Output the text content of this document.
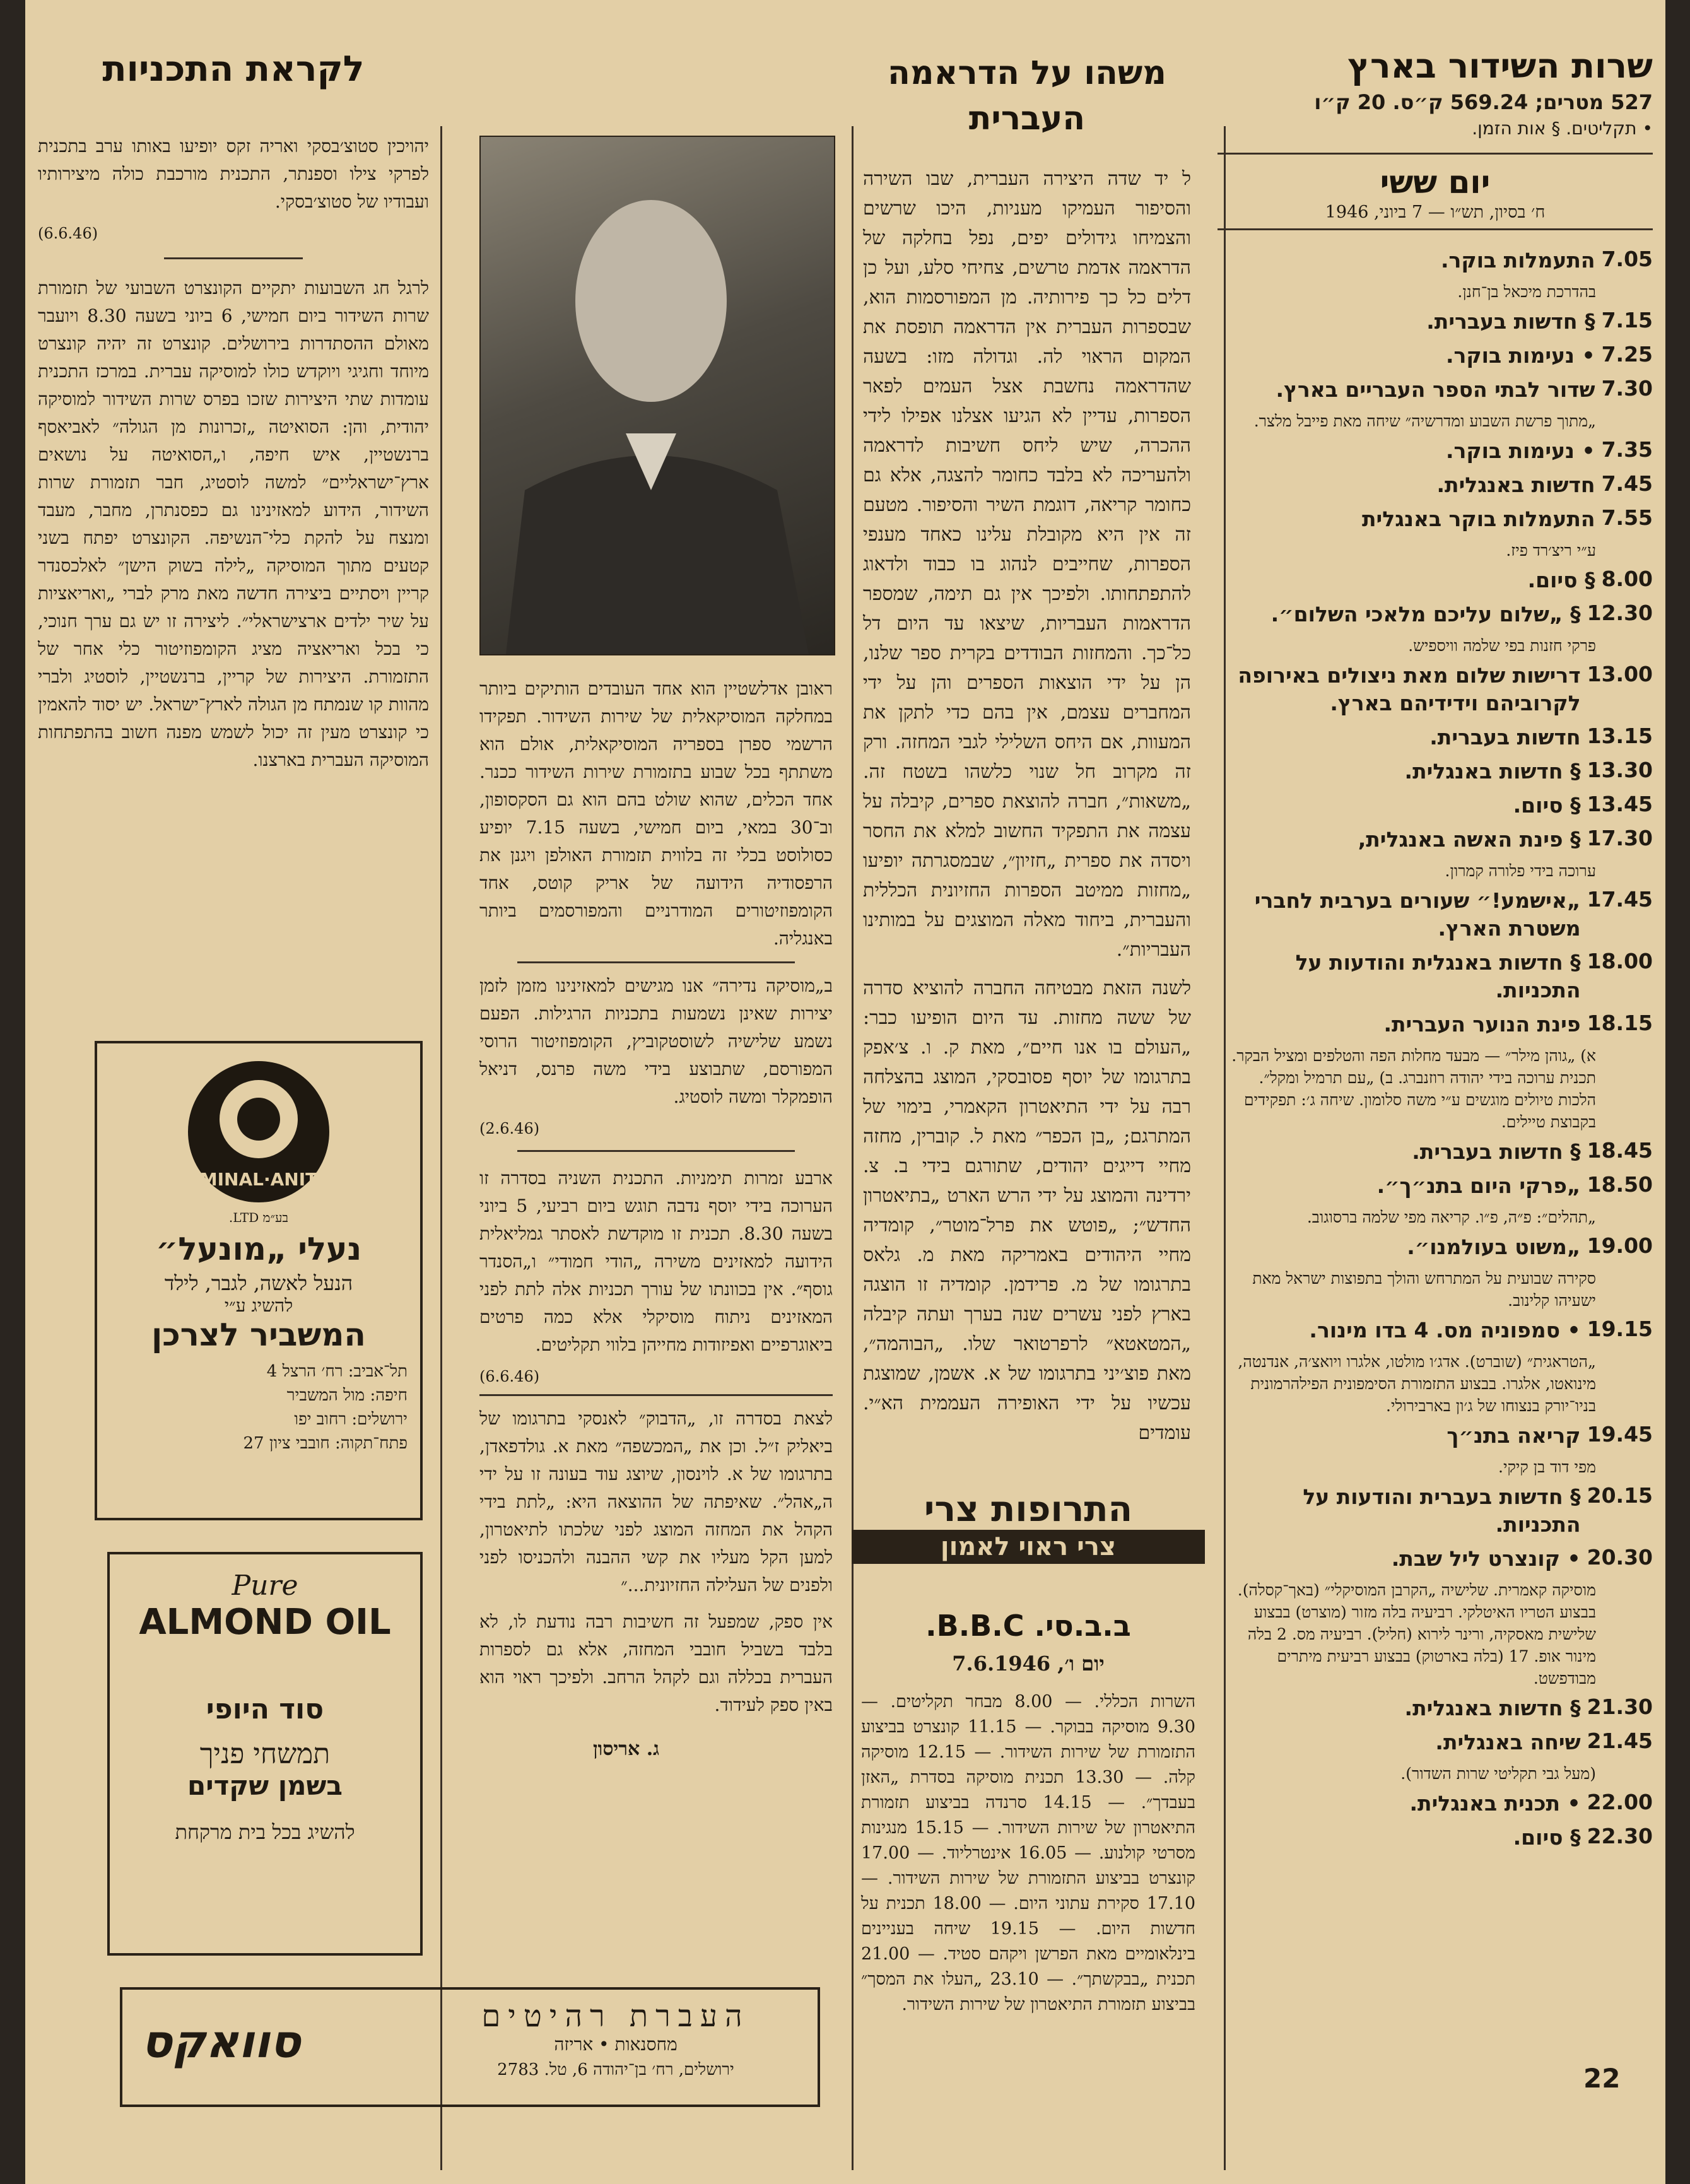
שרות השידור בארץ
527 מטרים; 569.24 ק״ס. 20 ק״ו
• תקליטים. § אות הזמן.
יום ששי
ח׳ בסיון, תש״ו — 7 ביוני, 1946
7.05
התעמלות בוקר.
בהדרכת מיכאל בן־חנן.
7.15
§ חדשות בעברית.
7.25
• נעימות בוקר.
7.30
שדור לבתי הספר העבריים בארץ.
„מתוך פרשת השבוע ומדרשיה״ שיחה מאת פייבל מלצר.
7.35
• נעימות בוקר.
7.45
חדשות באנגלית.
7.55
התעמלות בוקר באנגלית
ע״י ריצ׳רד פיז.
8.00
§ סיום.
12.30
§ „שלום עליכם מלאכי השלום״.
פרקי חזנות בפי שלמה וויספיש.
13.00
דרישות שלום מאת ניצולים באירופה לקרוביהם וידידיהם בארץ.
13.15
חדשות בעברית.
13.30
§ חדשות באנגלית.
13.45
§ סיום.
17.30
§ פינת האשה באנגלית,
ערוכה בידי פלורה קמרון.
17.45
„אישמע!״ שעורים בערבית לחברי משטרת הארץ.
18.00
§ חדשות באנגלית והודעות על התכניות.
18.15
פינת הנוער העברית.
א) „גוהן מילר״ — מבעד מחלות הפה והטלפים ומציל הבקר. תכנית ערוכה בידי יהודה רוזנברג. ב) „עם תרמיל ומקל״. הלכות טיולים מוגשים ע״י משה סלומון. שיחה ג׳: תפקידים בקבוצת טיילים.
18.45
§ חדשות בעברית.
18.50
„פרקי היום בתנ״ך״.
„תהלים״: פ״ה, פ״ו. קריאה מפי שלמה ברסוגוב.
19.00
„משוט בעולמנו״.
סקירה שבועית על המתרחש והולך בתפוצות ישראל מאת ישעיהו קלינוב.
19.15
• סמפוניה מס. 4 בדו מינור.
„הטראגית״ (שוברט). אדג׳ו מולטו, אלגרו ויואצ׳ה, אנדנטה, מינואטו, אלגרו. בבצוע התזמורת הסימפונית הפילהרמונית בניו־יורק בנצוחו של ג׳ון בארבירולי.
19.45
קריאה בתנ״ך
מפי דוד בן קיקי.
20.15
§ חדשות בעברית והודעות על התכניות.
20.30
• קונצרט ליל שבת.
מוסיקה קאמרית. שלישיה „הקרבן המוסיקלי״ (באך־קסלה). בבצוע הטריו האיטלקי. רביעיה בלה מזור (מוצרט) בבצוע שלישית מאסקיה, ורינר לירוא (חליל). רביעיה מס. 2 בלה מינור אופ. 17 (בלה בארטוק) בבצוע רביעית מיתרים מבודפשט.
21.30
§ חדשות באנגלית.
21.45
שיחה באנגלית.
(מעל גבי תקליטי שרות השדור).
22.00
• תכנית באנגלית.
22.30
§ סיום.
משהו על הדראמה
העברית

ל יד שדה היצירה העברית, שבו השירה והסיפור העמיקו מעניות, היכו שרשים והצמיחו גידולים יפים, נפל בחלקה של הדראמה אדמת טרשים, צחיחי סלע, ועל כן דלים כל כך פירותיה. מן המפורסמות הוא, שבספרות העברית אין הדראמה תופסת את המקום הראוי לה. וגדולה מזו: בשעה שהדראמה נחשבת אצל העמים לפאר הספרות, עדיין לא הגיעו אצלנו אפילו לידי ההכרה, שיש ליחס חשיבות לדראמה ולהעריכה לא בלבד כחומר להצגה, אלא גם כחומר קריאה, דוגמת השיר והסיפור. מטעם זה אין היא מקובלת עלינו כאחד מענפי הספרות, שחייבים לנהוג בו כבוד ולדאוג להתפתחותו. ולפיכך אין גם תימה, שמספר הדראמות העבריות, שיצאו עד היום דל כל־כך. והמחזות הבודדים בקרית ספר שלנו, הן על ידי הוצאות הספרים והן על ידי המחברים עצמם, אין בהם כדי לתקן את המעוות, אם היחס השלילי לגבי המחזה. ורק זה מקרוב חל שנוי כלשהו בשטח זה. „משאות״, חברה להוצאת ספרים, קיבלה על עצמה את התפקיד החשוב למלא את החסר ויסדה את ספרית „חזיון״, שבמסגרתה יופיעו „מחזות ממיטב הספרות החזיונית הכללית והעברית, ביחוד מאלה המוצגים על במותינו העבריות״.

לשנה הזאת מבטיחה החברה להוציא סדרה של ששה מחזות. עד היום הופיעו כבר: „העולם בו אנו חיים״, מאת ק. ו. צ׳אפק בתרגומו של יוסף פסובסקי, המוצג בהצלחה רבה על ידי התיאטרון הקאמרי, בימוי של המתרגם; „בן הכפר״ מאת ל. קוברין, מחזה מחיי דייגים יהודים, שתורגם בידי ב. צ. ירדינה והמוצג על ידי הרש הארט „בתיאטרון החדש״; „פוטש את פרל־מוטר״, קומדיה מחיי היהודים באמריקה מאת מ. גלאס בתרגומו של מ. פרידמן. קומדיה זו הוצגה בארץ לפני עשרים שנה בערך ועתה קיבלה „המטאטא״ לרפרטואר שלו. „הבוהמה״, מאת פוצ׳יני בתרגומו של א. אשמן, שמוצגת עכשיו על ידי האופירה העממית הא״י. עומדים

התרופות צרי
צרי ראוי לאמון
ב.ב.סי. B.B.C.
יום ו׳, 7.6.1946

השרות הכללי. — 8.00 מבחר תקליטים. — 9.30 מוסיקה בבוקר. — 11.15 קונצרט בביצוע התזמורת של שירות השידור. — 12.15 מוסיקה קלה. — 13.30 תכנית מוסיקה בסדרת „האזן בעבדך״. — 14.15 סרנדה בביצוע תזמורת התיאטרון של שירות השידור. — 15.15 מנגינות מסרטי קולנוע. — 16.05 אינטרליוד. — 17.00 קונצרט בביצוע התזמורת של שירות השידור. — 17.10 סקירת עתוני היום. — 18.00 תכנית על חדשות היום. — 19.15 שיחה בעניינים בינלאומיים מאת הפרשן ויקהם סטיד. — 21.00 תכנית „בבקשתך״. — 23.10 „העלו את המסך״ בביצוע תזמורת התיאטרון של שירות השידור.

ראובן אדלשטיין הוא אחד העובדים הותיקים ביותר במחלקה המוסיקאלית של שירות השידור. תפקידו הרשמי ספרן בספריה המוסיקאלית, אולם הוא משתתף בכל שבוע בתזמורת שירות השידור ככנר. אחד הכלים, שהוא שולט בהם הוא גם הסקסופון, וב־30 במאי, ביום חמישי, בשעה 7.15 יופיע כסולוסט בכלי זה בלווית תזמורת האולפן ויגנן את הרפסודיה הידועה של אריק קוטס, אחד הקומפוזיטורים המודרניים והמפורסמים ביותר באנגליה.

ב„מוסיקה נדירה״ אנו מגישים למאזינינו מזמן לזמן יצירות שאינן נשמעות בתכניות הרגילות. הפעם נשמע שלישיה לשוסטקוביץ, הקומפוזיטור הרוסי המפורסם, שתבוצע בידי משה פרנס, דניאל הופמקלר ומשה לוסטיג.

(2.6.46)

ארבע זמרות תימניות. התכנית השניה בסדרה זו הערוכה בידי יוסף נדבה תוגש ביום רביעי, 5 ביוני בשעה 8.30. תכנית זו מוקדשת לאסתר גמליאלית הידועה למאזינים משירה „הודי חמודי״ ו„הסנדר גוסף״. אין בכוונתו של עורך תכניות אלה לתת לפני המאזינים ניתוח מוסיקלי אלא כמה פרטים ביאוגרפיים ואפיזודות מחייהן בלווי תקליטים.

(6.6.46)

לצאת בסדרה זו, „הדבוק״ לאנסקי בתרגומו של ביאליק ז״ל. וכן את „המכשפה״ מאת א. גולדפאדן, בתרגומו של א. לוינסון, שיוצג עוד בעונה זו על ידי ה„אהל״. שאיפתה של ההוצאה היא: „לתת בידי הקהל את המחזה המוצג לפני שלכתו לתיאטרון, למען הקל מעליו את קשי ההבנה ולהכניסו לפני ולפנים של העלילה החזיונית...״

אין ספק, שמפעל זה חשיבות רבה נודעת לו, לא בלבד בשביל חובבי המחזה, אלא גם לספרות העברית בכללה וגם לקהל הרחב. ולפיכך ראוי הוא באין ספק לעידוד.

ג. אריסון
לקראת התכניות

יהויכין סטוצ׳בסקי ואריה זקס יופיעו באותו ערב בתכנית לפרקי צילו וספנתר, התכנית מורכבת כולה מיצירותיו ועבודיו של סטוצ׳בסקי.

(6.6.46)

לרגל חג השבועות יתקיים הקונצרט השבועי של תזמורת שרות השידור ביום חמישי, 6 ביוני בשעה 8.30 ויועבר מאולם ההסתדרות בירושלים. קונצרט זה יהיה קונצרט מיוחד וחגיגי ויוקדש כולו למוסיקה עברית. במרכז התכנית עומדות שתי היצירות שזכו בפרס שרות השידור למוסיקה יהודית, והן: הסואיטה „זכרונות מן הגולה״ לאביאסף ברנשטיין, איש חיפה, ו„הסואיטה על נושאים ארץ־ישראליים״ למשה לוסטיג, חבר תזמורת שרות השידור, הידוע למאזינינו גם כפסנתרן, מחבר, מעבד ומנצח על להקת כלי־הנשיפה. הקונצרט יפתח בשני קטעים מתוך המוסיקה „לילה בשוק הישן״ לאלכסנדר קריין ויסתיים ביצירה חדשה מאת מרק לברי „ואריאציות על שיר ילדים ארצישראלי״. ליצירה זו יש גם ערך חנוכי, כי בכל ואריאציה מציג הקומפוזיטור כלי אחר של התזמורת. היצירות של קריין, ברנשטיין, לוסטיג ולברי מהוות קו שנמתח מן הגולה לארץ־ישראל. יש יסוד להאמין כי קונצרט מעין זה יכול לשמש מפנה חשוב בהתפתחות המוסיקה העברית בארצנו.

MINAL·ANIT
בע״מ LTD.
נעלי „מונעל״
הנעל לאשה, לגבר, לילד
להשיג ע״י
המשביר לצרכן
תל־אביב: רח׳ הרצל 4
חיפה: מול המשביר
ירושלים: רחוב יפו
פתח־תקוה: חובבי ציון 27
Pure
ALMOND OIL
סוד היופי
תמשחי פניך
בשמן שקדים
להשיג בכל בית מרקחת
העברת רהיטים
מחסנאות • אריזה
ירושלים, רח׳ בן־יהודה 6, טל. 2783
סוואקס
22
